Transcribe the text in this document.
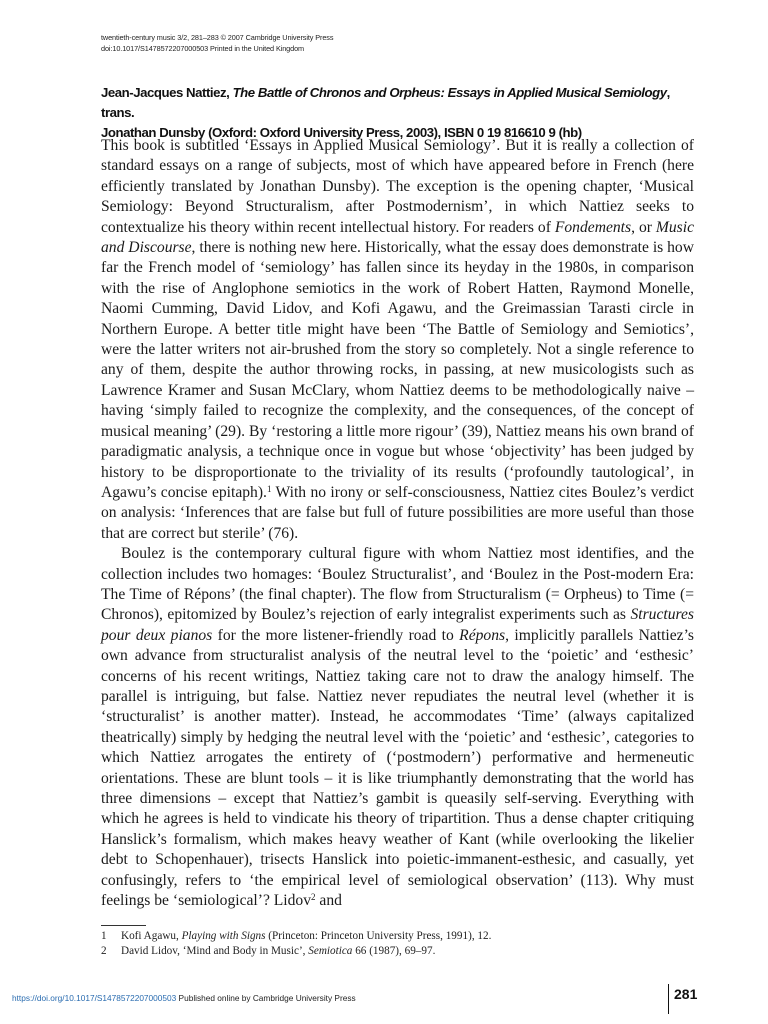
twentieth-century music 3/2, 281–283 © 2007 Cambridge University Press
doi:10.1017/S1478572207000503 Printed in the United Kingdom
Jean-Jacques Nattiez, The Battle of Chronos and Orpheus: Essays in Applied Musical Semiology, trans.
Jonathan Dunsby (Oxford: Oxford University Press, 2003), ISBN 0 19 816610 9 (hb)

This book is subtitled ‘Essays in Applied Musical Semiology’. But it is really a collection of standard essays on a range of subjects, most of which have appeared before in French (here efficiently translated by Jonathan Dunsby). The exception is the opening chapter, ‘Musical Semiology: Beyond Structuralism, after Postmodernism’, in which Nattiez seeks to contextualize his theory within recent intellectual history. For readers of Fondements, or Music and Discourse, there is nothing new here. Historically, what the essay does demonstrate is how far the French model of ‘semiology’ has fallen since its heyday in the 1980s, in comparison with the rise of Anglophone semiotics in the work of Robert Hatten, Raymond Monelle, Naomi Cumming, David Lidov, and Kofi Agawu, and the Greimassian Tarasti circle in Northern Europe. A better title might have been ‘The Battle of Semiology and Semiotics’, were the latter writers not air-brushed from the story so completely. Not a single reference to any of them, despite the author throwing rocks, in passing, at new musicologists such as Lawrence Kramer and Susan McClary, whom Nattiez deems to be methodologically naive – having ‘simply failed to recognize the complexity, and the consequences, of the concept of musical meaning’ (29). By ‘restoring a little more rigour’ (39), Nattiez means his own brand of paradigmatic analysis, a technique once in vogue but whose ‘objectivity’ has been judged by history to be disproportionate to the triviality of its results (‘profoundly tautological’, in Agawu’s concise epitaph).$^1$ With no irony or self-consciousness, Nattiez cites Boulez’s verdict on analysis: ‘Inferences that are false but full of future possibilities are more useful than those that are correct but sterile’ (76).

Boulez is the contemporary cultural figure with whom Nattiez most identifies, and the collection includes two homages: ‘Boulez Structuralist’, and ‘Boulez in the Post-modern Era: The Time of Répons’ (the final chapter). The flow from Structuralism (= Orpheus) to Time (= Chronos), epitomized by Boulez’s rejection of early integralist experiments such as Structures pour deux pianos for the more listener-friendly road to Répons, implicitly parallels Nattiez’s own advance from structuralist analysis of the neutral level to the ‘poietic’ and ‘esthesic’ concerns of his recent writings, Nattiez taking care not to draw the analogy himself. The parallel is intriguing, but false. Nattiez never repudiates the neutral level (whether it is ‘structuralist’ is another matter). Instead, he accommodates ‘Time’ (always capitalized theatrically) simply by hedging the neutral level with the ‘poietic’ and ‘esthesic’, categories to which Nattiez arrogates the entirety of (‘postmodern’) performative and hermeneutic orientations. These are blunt tools – it is like triumphantly demonstrating that the world has three dimensions – except that Nattiez’s gambit is queasily self-serving. Everything with which he agrees is held to vindicate his theory of tripartition. Thus a dense chapter critiquing Hanslick’s formalism, which makes heavy weather of Kant (while overlooking the likelier debt to Schopenhauer), trisects Hanslick into poietic-immanent-esthesic, and casually, yet confusingly, refers to ‘the empirical level of semiological observation’ (113). Why must feelings be ‘semiological’? Lidov$^2$ and

1	Kofi Agawu, Playing with Signs (Princeton: Princeton University Press, 1991), 12.
2	David Lidov, ‘Mind and Body in Music’, Semiotica 66 (1987), 69–97.
https://doi.org/10.1017/S1478572207000503 Published online by Cambridge University Press	281
